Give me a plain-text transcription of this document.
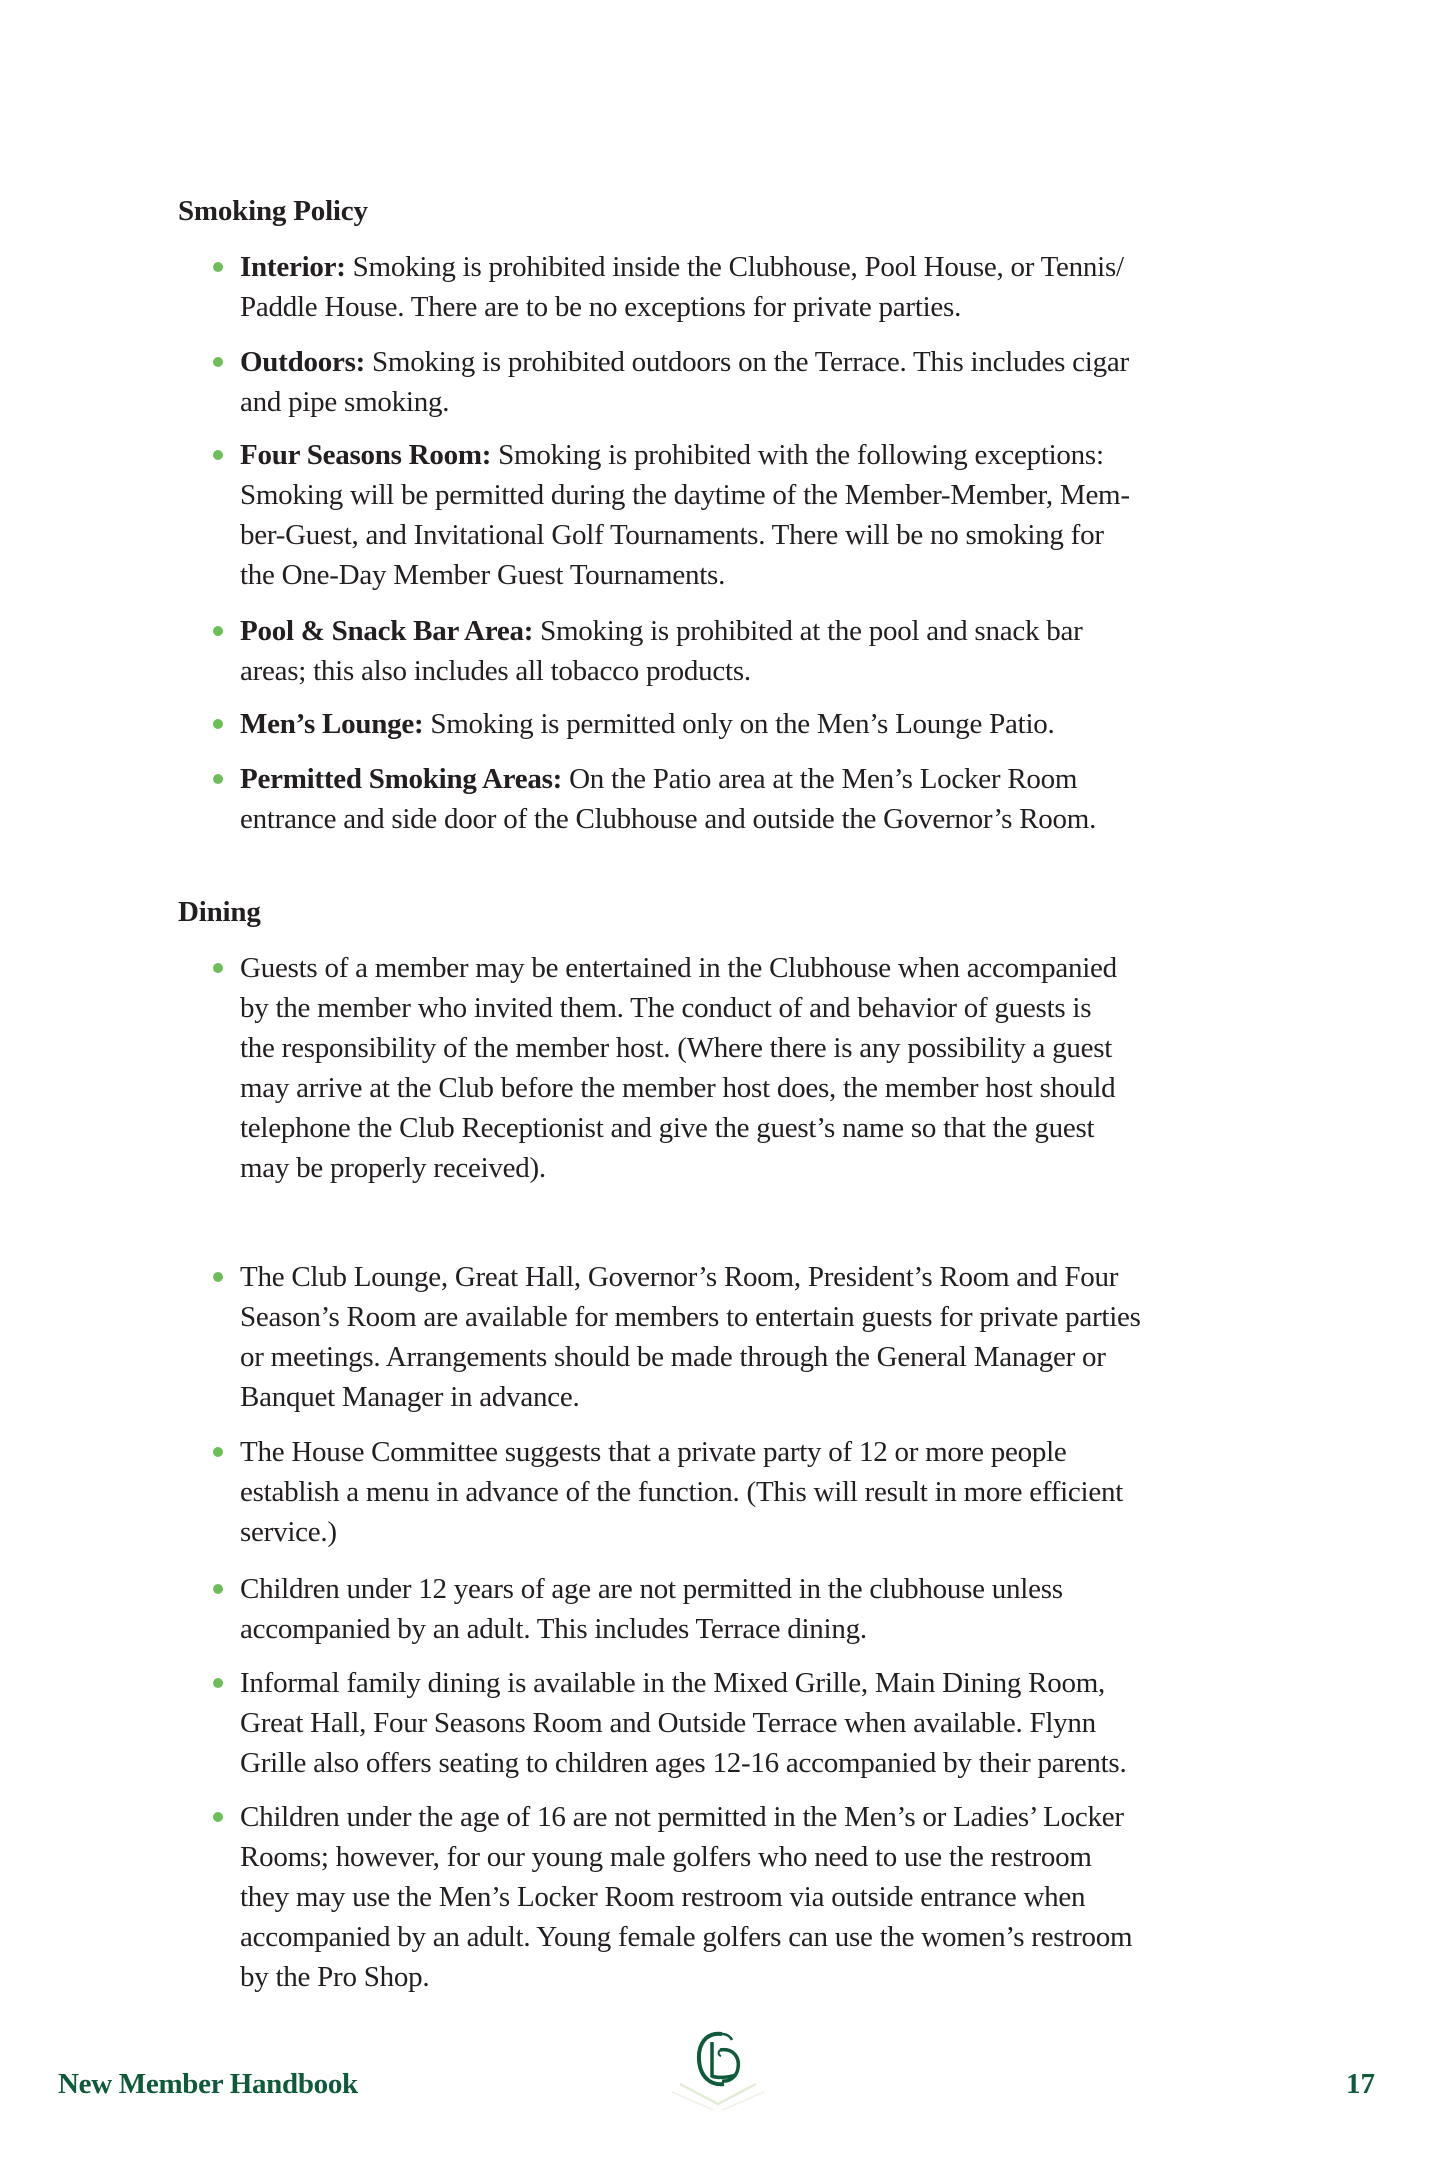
Smoking Policy
Interior: Smoking is prohibited inside the Clubhouse, Pool House, or Tennis/
Paddle House. There are to be no exceptions for private parties.
Outdoors: Smoking is prohibited outdoors on the Terrace. This includes cigar
and pipe smoking.
Four Seasons Room: Smoking is prohibited with the following exceptions:
Smoking will be permitted during the daytime of the Member-Member, Mem-
ber-Guest, and Invitational Golf Tournaments. There will be no smoking for
the One-Day Member Guest Tournaments.
Pool & Snack Bar Area: Smoking is prohibited at the pool and snack bar
areas; this also includes all tobacco products.
Men’s Lounge: Smoking is permitted only on the Men’s Lounge Patio.
Permitted Smoking Areas: On the Patio area at the Men’s Locker Room
entrance and side door of the Clubhouse and outside the Governor’s Room.
Dining
Guests of a member may be entertained in the Clubhouse when accompanied
by the member who invited them. The conduct of and behavior of guests is
the responsibility of the member host. (Where there is any possibility a guest
may arrive at the Club before the member host does, the member host should
telephone the Club Receptionist and give the guest’s name so that the guest
may be properly received).
The Club Lounge, Great Hall, Governor’s Room, President’s Room and Four
Season’s Room are available for members to entertain guests for private parties
or meetings. Arrangements should be made through the General Manager or
Banquet Manager in advance.
The House Committee suggests that a private party of 12 or more people
establish a menu in advance of the function. (This will result in more efficient
service.)
Children under 12 years of age are not permitted in the clubhouse unless
accompanied by an adult. This includes Terrace dining.
Informal family dining is available in the Mixed Grille, Main Dining Room,
Great Hall, Four Seasons Room and Outside Terrace when available. Flynn
Grille also offers seating to children ages 12-16 accompanied by their parents.
Children under the age of 16 are not permitted in the Men’s or Ladies’ Locker
Rooms; however, for our young male golfers who need to use the restroom
they may use the Men’s Locker Room restroom via outside entrance when
accompanied by an adult. Young female golfers can use the women’s restroom
by the Pro Shop.
New Member Handbook	17
